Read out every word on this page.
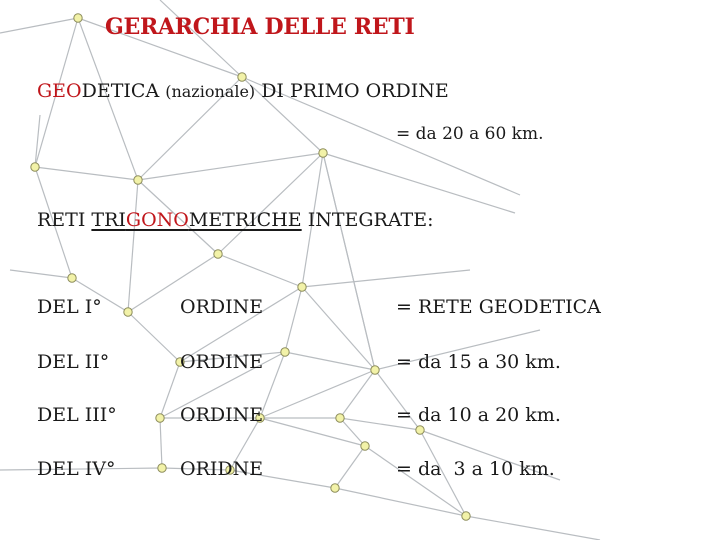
GERARCHIA DELLE RETI
GEODETICA (nazionale) DI PRIMO ORDINE
= da 20 a 60 km.
RETI TRIGONOMETRICHE INTEGRATE:
DEL I°	ORDINE	= RETE GEODETICA
DEL II°	ORDINE	= da 15 a 30 km.
DEL III°	ORDINE	= da 10 a 20 km.
DEL IV°	ORIDNE	= da  3 a 10 km.
